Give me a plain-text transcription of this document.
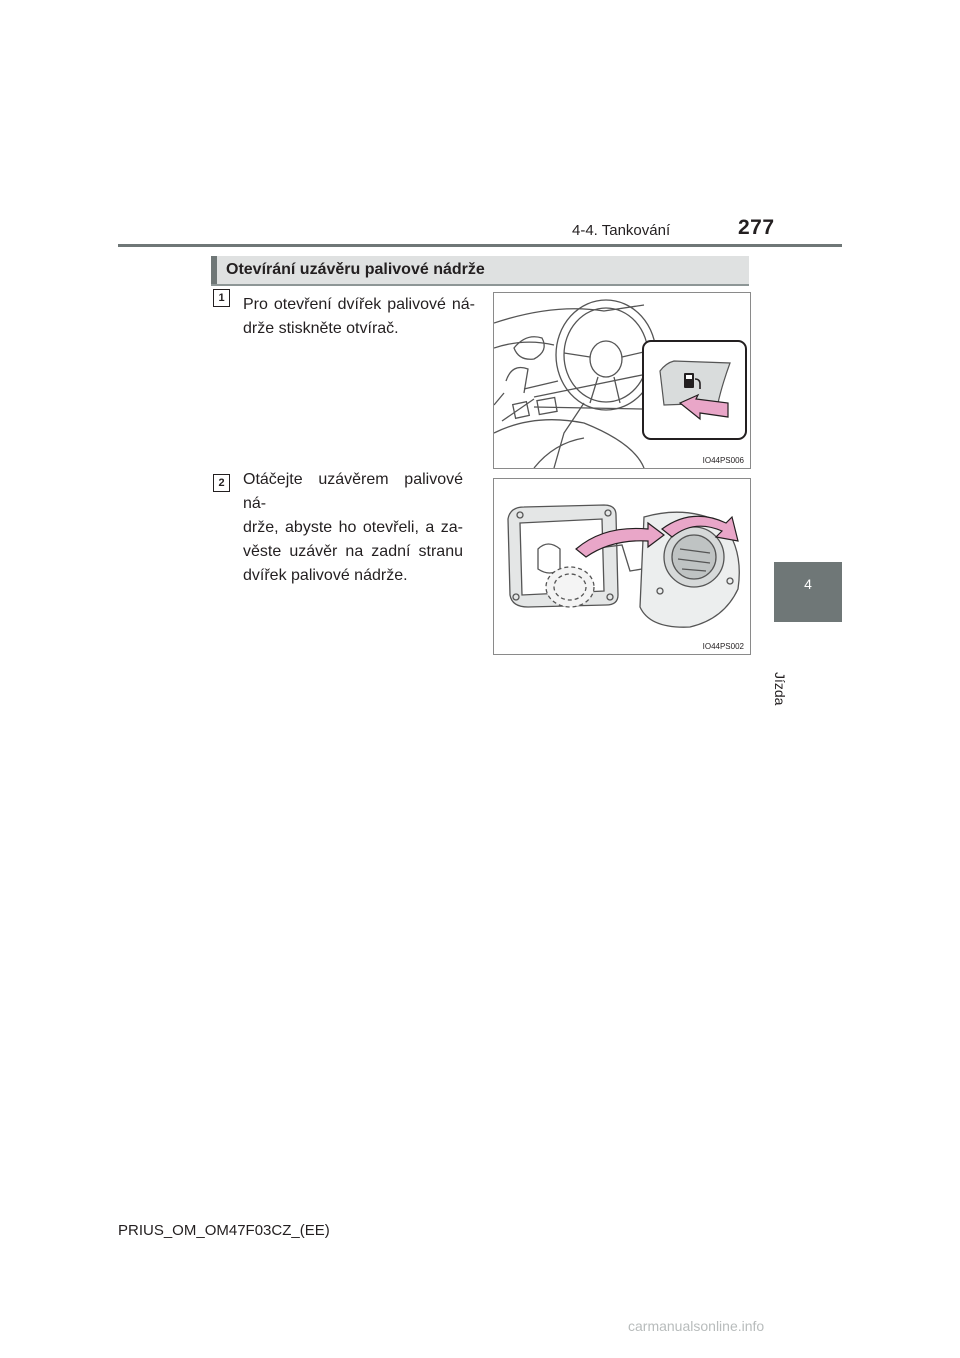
4-4. Tankování	277
4
Jízda
Otevírání uzávěru palivové nádrže
1	Pro otevření dvířek palivové ná-
drže stiskněte otvírač.
IO44PS006
2	Otáčejte uzávěrem palivové ná-
drže, abyste ho otevřeli, a za-
věste uzávěr na zadní stranu
dvířek palivové nádrže.
IO44PS002
PRIUS_OM_OM47F03CZ_(EE)
carmanualsonline.info
